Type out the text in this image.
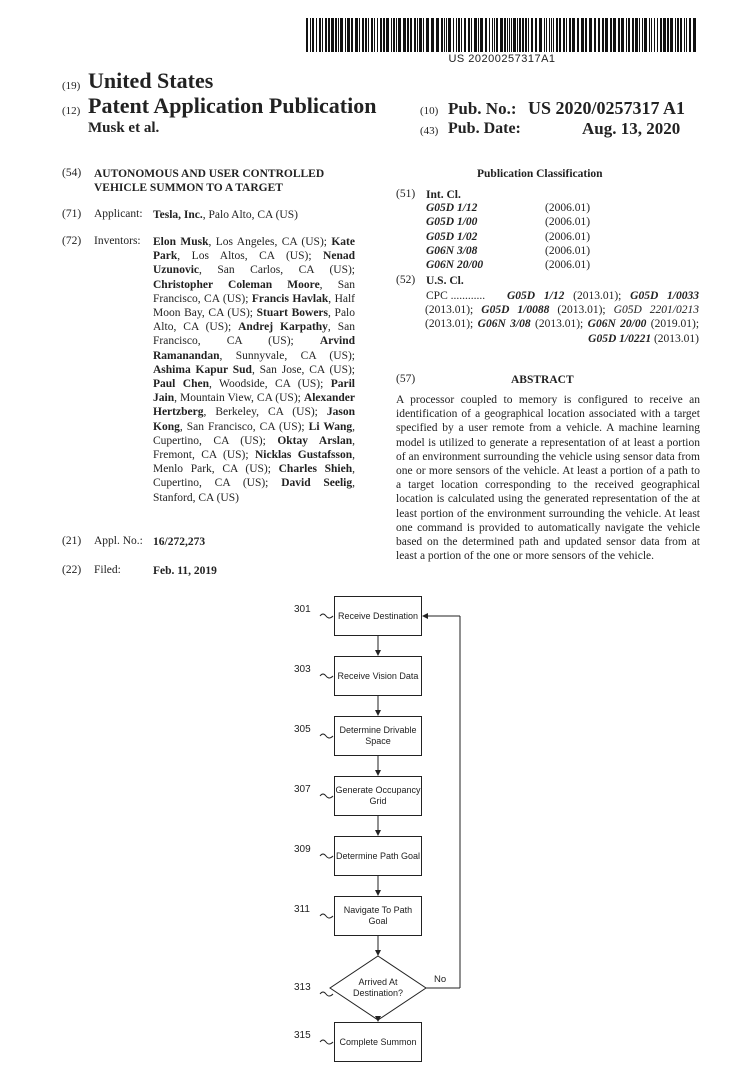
US 20200257317A1
(19) United States
(12) Patent Application Publication
Musk et al.
(10) Pub. No.: US 2020/0257317 A1
(43) Pub. Date:	Aug. 13, 2020
(54) AUTONOMOUS AND USER CONTROLLED
VEHICLE SUMMON TO A TARGET
(71) Applicant: Tesla, Inc., Palo Alto, CA (US)
(72) Inventors: Elon Musk, Los Angeles, CA (US); Kate Park, Los Altos, CA (US); Nenad Uzunovic, San Carlos, CA (US); Christopher Coleman Moore, San Francisco, CA (US); Francis Havlak, Half Moon Bay, CA (US); Stuart Bowers, Palo Alto, CA (US); Andrej Karpathy, San Francisco, CA (US); Arvind Ramanandan, Sunnyvale, CA (US); Ashima Kapur Sud, San Jose, CA (US); Paul Chen, Woodside, CA (US); Paril Jain, Mountain View, CA (US); Alexander Hertzberg, Berkeley, CA (US); Jason Kong, San Francisco, CA (US); Li Wang, Cupertino, CA (US); Oktay Arslan, Fremont, CA (US); Nicklas Gustafsson, Menlo Park, CA (US); Charles Shieh, Cupertino, CA (US); David Seelig, Stanford, CA (US)
(21) Appl. No.: 16/272,273
(22) Filed:	Feb. 11, 2019
Publication Classification
(51) Int. Cl.
G05D 1/12	(2006.01)
G05D 1/00	(2006.01)
G05D 1/02	(2006.01)
G06N 3/08	(2006.01)
G06N 20/00	(2006.01)
(52) U.S. Cl.
CPC ............	G05D 1/12 (2013.01); G05D 1/0033 (2013.01); G05D 1/0088 (2013.01); G05D 2201/0213 (2013.01); G06N 3/08 (2013.01); G06N 20/00 (2019.01); G05D 1/0221 (2013.01)
(57)	ABSTRACT
A processor coupled to memory is configured to receive an identification of a geographical location associated with a target specified by a user remote from a vehicle. A machine learning model is utilized to generate a representation of at least a portion of an environment surrounding the vehicle using sensor data from one or more sensors of the vehicle. At least a portion of a path to a target location corresponding to the received geographical location is calculated using the generated representation of the at least portion of the environment surrounding the vehicle. At least one command is provided to automatically navigate the vehicle based on the determined path and updated sensor data from at least a portion of the one or more sensors of the vehicle.
Receive Destination
301
Receive Vision Data
303
Determine Drivable Space
305
Generate Occupancy Grid
307
Determine Path Goal
309
Navigate To Path Goal
311
Arrived At Destination?
313
No
Complete Summon
315
